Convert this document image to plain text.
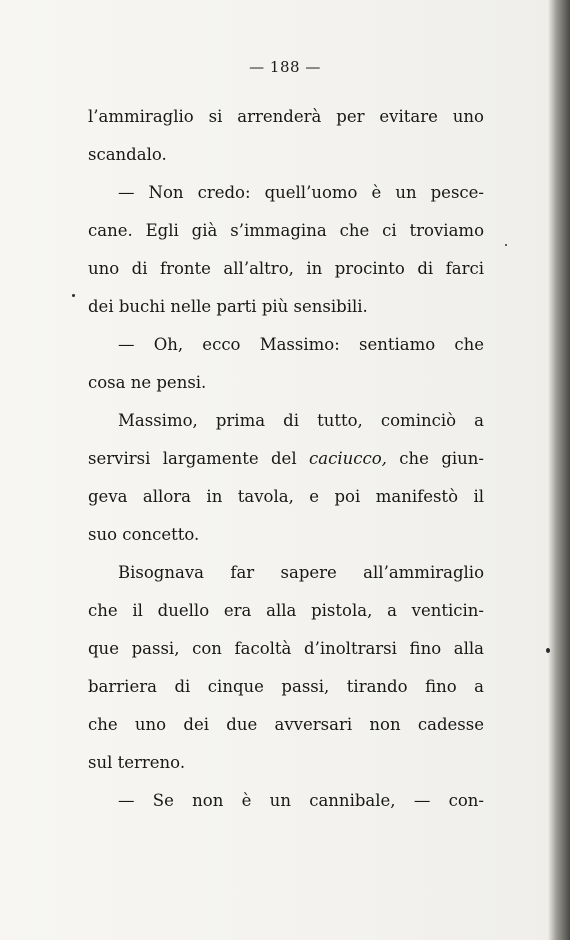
— 188 —
l’ammiraglio si arrenderà per evitare uno
scandalo.
— Non credo: quell’uomo è un pesce-
cane. Egli già s’immagina che ci troviamo
uno di fronte all’altro, in procinto di farci
dei buchi nelle parti più sensibili.
— Oh, ecco Massimo: sentiamo che
cosa ne pensi.
Massimo, prima di tutto, cominciò a
servirsi largamente del caciucco, che giun-
geva allora in tavola, e poi manifestò il
suo concetto.
Bisognava far sapere all’ammiraglio
che il duello era alla pistola, a venticin-
que passi, con facoltà d’inoltrarsi fino alla
barriera di cinque passi, tirando fino a
che uno dei due avversari non cadesse
sul terreno.
— Se non è un cannibale, — con-
